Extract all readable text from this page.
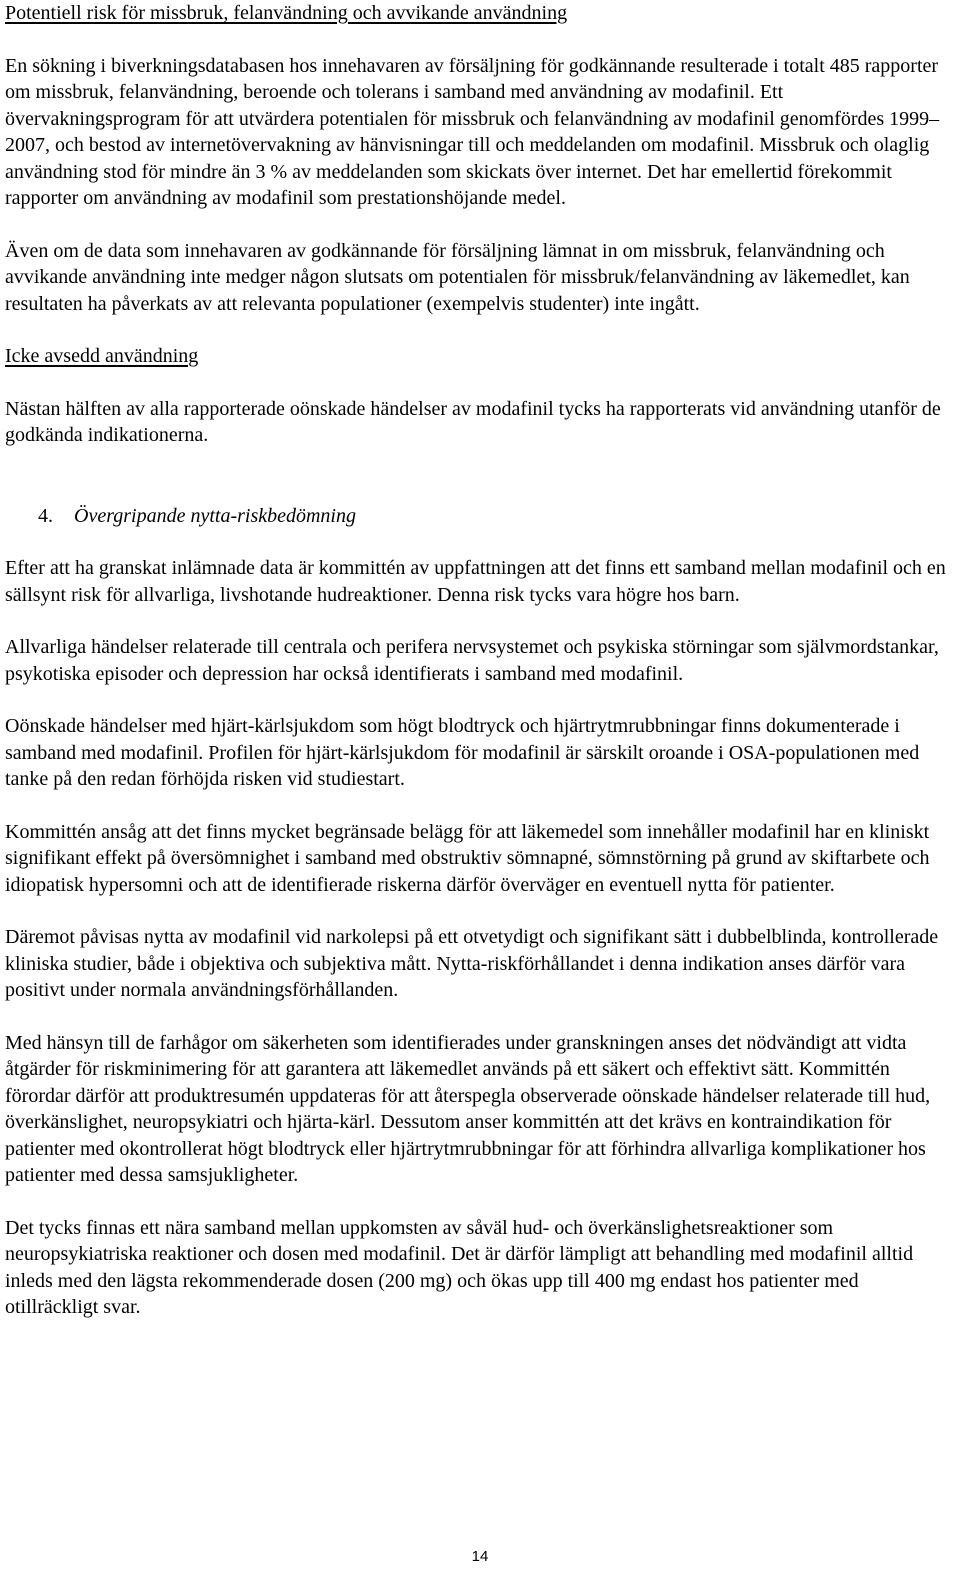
Potentiell risk för missbruk, felanvändning och avvikande användning

En sökning i biverkningsdatabasen hos innehavaren av försäljning för godkännande resulterade i totalt 485 rapporter om missbruk, felanvändning, beroende och tolerans i samband med användning av modafinil. Ett övervakningsprogram för att utvärdera potentialen för missbruk och felanvändning av modafinil genomfördes 1999–2007, och bestod av internetövervakning av hänvisningar till och meddelanden om modafinil. Missbruk och olaglig användning stod för mindre än 3 % av meddelanden som skickats över internet. Det har emellertid förekommit rapporter om användning av modafinil som prestationshöjande medel.

Även om de data som innehavaren av godkännande för försäljning lämnat in om missbruk, felanvändning och avvikande användning inte medger någon slutsats om potentialen för missbruk/felanvändning av läkemedlet, kan resultaten ha påverkats av att relevanta populationer (exempelvis studenter) inte ingått.

Icke avsedd användning

Nästan hälften av alla rapporterade oönskade händelser av modafinil tycks ha rapporterats vid användning utanför de godkända indikationerna.

4. Övergripande nytta-riskbedömning

Efter att ha granskat inlämnade data är kommittén av uppfattningen att det finns ett samband mellan modafinil och en sällsynt risk för allvarliga, livshotande hudreaktioner. Denna risk tycks vara högre hos barn.

Allvarliga händelser relaterade till centrala och perifera nervsystemet och psykiska störningar som självmordstankar, psykotiska episoder och depression har också identifierats i samband med modafinil.

Oönskade händelser med hjärt-kärlsjukdom som högt blodtryck och hjärtrytmrubbningar finns dokumenterade i samband med modafinil. Profilen för hjärt-kärlsjukdom för modafinil är särskilt oroande i OSA-populationen med tanke på den redan förhöjda risken vid studiestart.

Kommittén ansåg att det finns mycket begränsade belägg för att läkemedel som innehåller modafinil har en kliniskt signifikant effekt på översömnighet i samband med obstruktiv sömnapné, sömnstörning på grund av skiftarbete och idiopatisk hypersomni och att de identifierade riskerna därför överväger en eventuell nytta för patienter.

Däremot påvisas nytta av modafinil vid narkolepsi på ett otvetydigt och signifikant sätt i dubbelblinda, kontrollerade kliniska studier, både i objektiva och subjektiva mått. Nytta-riskförhållandet i denna indikation anses därför vara positivt under normala användningsförhållanden.

Med hänsyn till de farhågor om säkerheten som identifierades under granskningen anses det nödvändigt att vidta åtgärder för riskminimering för att garantera att läkemedlet används på ett säkert och effektivt sätt. Kommittén förordar därför att produktresumén uppdateras för att återspegla observerade oönskade händelser relaterade till hud, överkänslighet, neuropsykiatri och hjärta-kärl. Dessutom anser kommittén att det krävs en kontraindikation för patienter med okontrollerat högt blodtryck eller hjärtrytmrubbningar för att förhindra allvarliga komplikationer hos patienter med dessa samsjukligheter.

Det tycks finnas ett nära samband mellan uppkomsten av såväl hud- och överkänslighetsreaktioner som neuropsykiatriska reaktioner och dosen med modafinil. Det är därför lämpligt att behandling med modafinil alltid inleds med den lägsta rekommenderade dosen (200 mg) och ökas upp till 400 mg endast hos patienter med otillräckligt svar.

14
